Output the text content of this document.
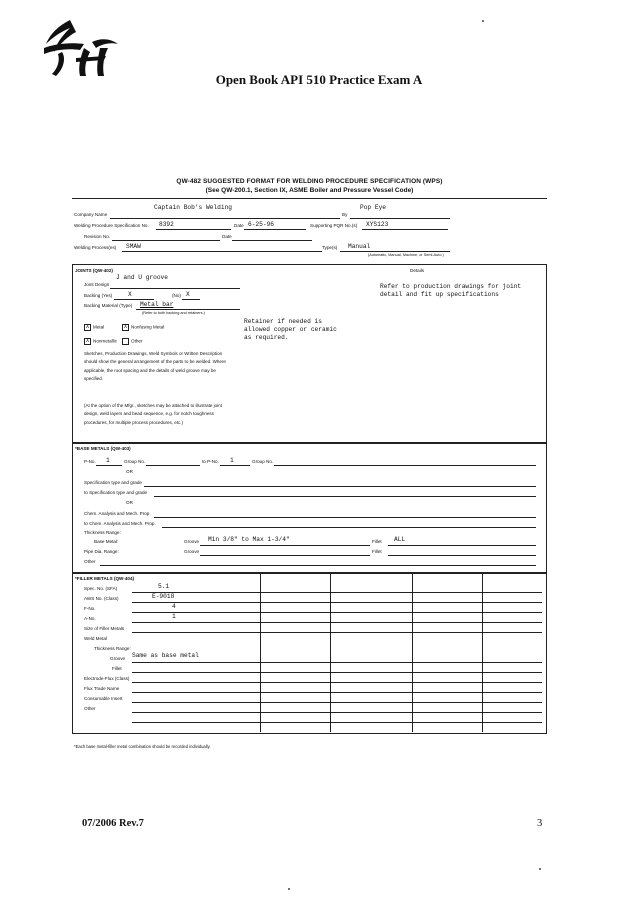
Open Book API 510 Practice Exam A
QW-482 SUGGESTED FORMAT FOR WELDING PROCEDURE SPECIFICATION (WPS)
(See QW-200.1, Section IX, ASME Boiler and Pressure Vessel Code)
Company Name
Captain Bob's Welding
By
Pop Eye
Welding Procedure Specification No. 8392	Date 6-25-96	Supporting PQR No.(s) XYS123
Revision No.	Date
Welding Process(es) SMAW	Type(s) Manual
(Automatic, Manual, Machine, or Semi-Auto.)
JOINTS (QW-402)	Details
Joint Design
J and U groove
Backing (Yes)	X	(No) X
Backing Material (Type) Metal bar
(Refer to both backing and retainers.)
X Metal	X Nonfusing Metal
X Nonmetallic	Other
Retainer if needed is allowed copper or ceramic as required.
Refer to production drawings for joint detail and fit up specifications
Sketches, Production Drawings, Weld Symbols or Written Description should show the general arrangement of the parts to be welded. Where applicable, the root spacing and the details of weld groove may be specified.
(At the option of the Mfgr., sketches may be attached to illustrate joint design, weld layers and bead sequence, e.g. for notch toughness procedures, for multiple process procedures, etc.)
*BASE METALS (QW-403)
P-No. 1	Group No.	to P-No. 1	Group No.
OR
Specification type and grade
to Specification type and grade
OR
Chem. Analysis and Mech. Prop.
to Chem. Analysis and Mech. Prop.
Thickness Range:
Base Metal:	Groove Min 3/8" to Max 1-3/4"	Fillet ALL
Pipe Dia. Range:	Groove	Fillet
Other
*FILLER METALS (QW-404)
Spec. No. (SFA)	5.1
AWS No. (Class)	E-9018
F-No.	4
A-No.	1
Size of Filler Metals
Weld Metal
Thickness Range:
Groove Same as base metal
Fillet
Electrode-Flux (Class)
Flux Trade Name
Consumable Insert
Other
*Each base metal-filler metal combination should be recorded individually.
07/2006 Rev.7	3
